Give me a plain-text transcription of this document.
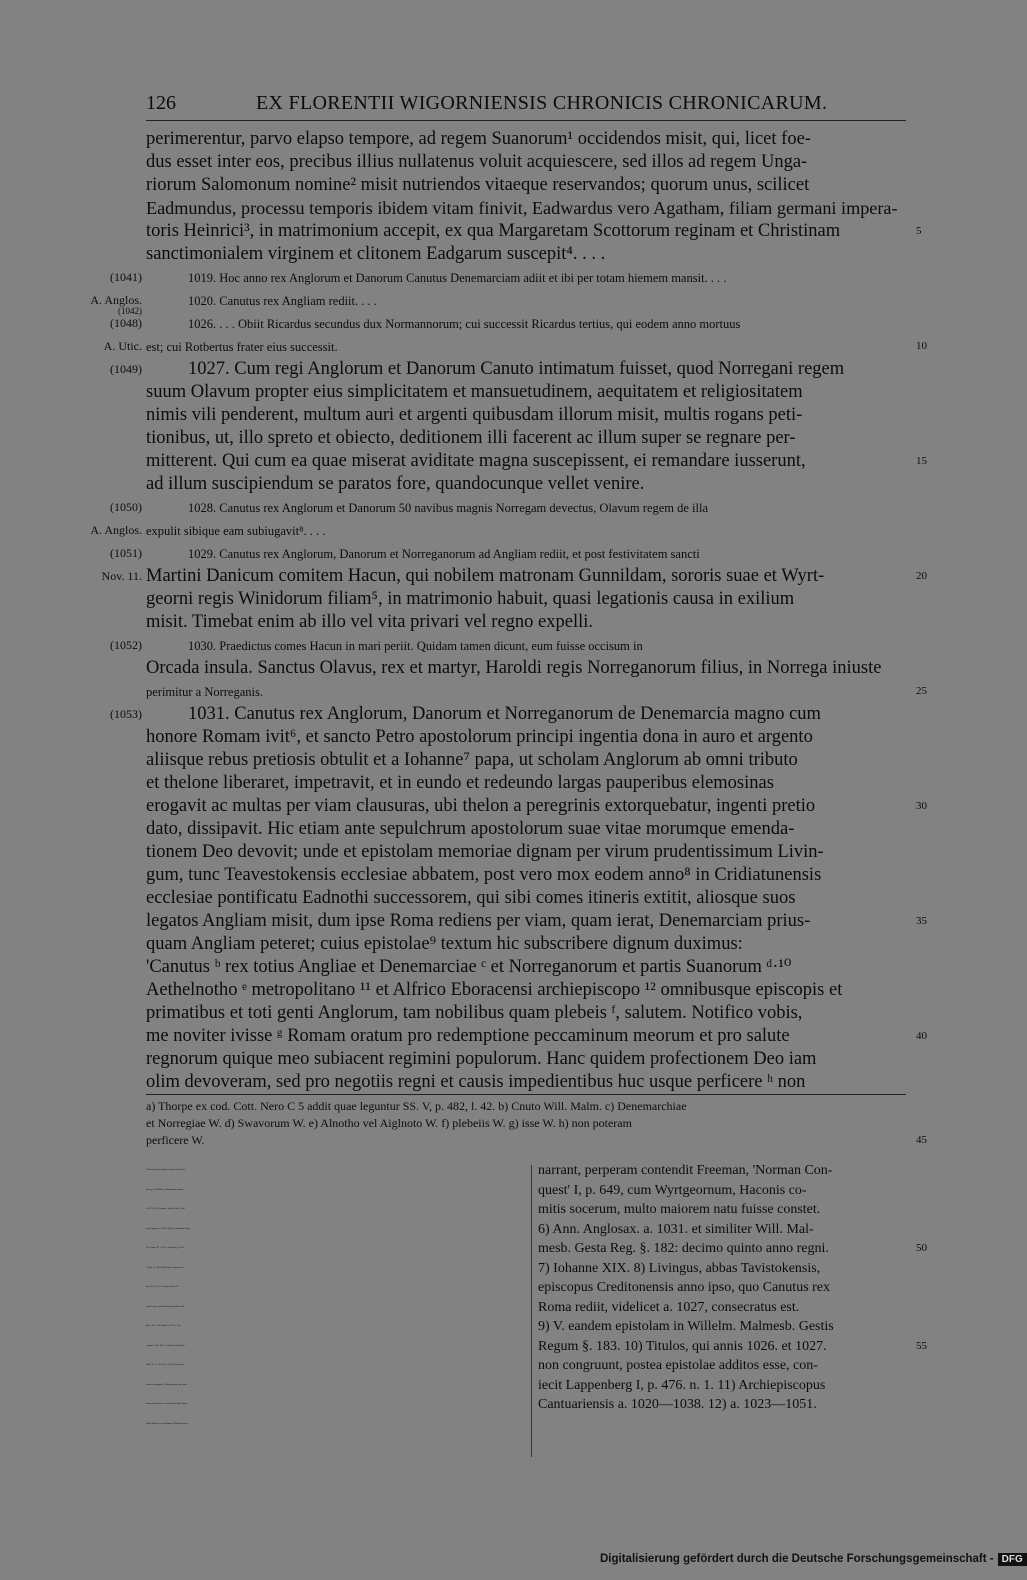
126	EX FLORENTII WIGORNIENSIS CHRONICIS CHRONICARUM.
perimerentur, parvo elapso tempore, ad regem Suanorum¹ occidendos misit, qui, licet foe-
dus esset inter eos, precibus illius nullatenus voluit acquiescere, sed illos ad regem Unga-
riorum Salomonum nomine² misit nutriendos vitaeque reservandos; quorum unus, scilicet
Eadmundus, processu temporis ibidem vitam finivit, Eadwardus vero Agatham, filiam germani impera-
toris Heinrici³, in matrimonium accepit, ex qua Margaretam Scottorum reginam et Christinam	5
sanctimonialem virginem et clitonem Eadgarum suscepit⁴. . . .
1019. Hoc anno rex Anglorum et Danorum Canutus Denemarciam adiit et ibi per totam hiemem mansit. . . .
(1041)
1020. Canutus rex Angliam rediit. . . .
A. Anglos.
(1042)
1026. . . . Obiit Ricardus secundus dux Normannorum; cui successit Ricardus tertius, qui eodem anno mortuus
(1048)
est; cui Rotbertus frater eius successit.
A. Utic.	10
1027. Cum regi Anglorum et Danorum Canuto intimatum fuisset, quod Norregani regem
(1049)
suum Olavum propter eius simplicitatem et mansuetudinem, aequitatem et religiositatem
nimis vili penderent, multum auri et argenti quibusdam illorum misit, multis rogans peti-
tionibus, ut, illo spreto et obiecto, deditionem illi facerent ac illum super se regnare per-
mitterent. Qui cum ea quae miserat aviditate magna suscepissent, ei remandare iusserunt,	15
ad illum suscipiendum se paratos fore, quandocunque vellet venire.
1028. Canutus rex Anglorum et Danorum 50 navibus magnis Norregam devectus, Olavum regem de illa
(1050)
expulit sibique eam subiugavit⁸. . . .
A. Anglos.
1029. Canutus rex Anglorum, Danorum et Norreganorum ad Angliam rediit, et post festivitatem sancti
(1051)
Martini Danicum comitem Hacun, qui nobilem matronam Gunnildam, sororis suae et Wyrt-
Nov. 11.	20
georni regis Winidorum filiam⁵, in matrimonio habuit, quasi legationis causa in exilium
misit. Timebat enim ab illo vel vita privari vel regno expelli.
1030. Praedictus comes Hacun in mari periit. Quidam tamen dicunt, eum fuisse occisum in
(1052)
Orcada insula. Sanctus Olavus, rex et martyr, Haroldi regis Norreganorum filius, in Norrega iniuste
perimitur a Norreganis.	25
1031. Canutus rex Anglorum, Danorum et Norreganorum de Denemarcia magno cum
(1053)
honore Romam ivit⁶, et sancto Petro apostolorum principi ingentia dona in auro et argento
aliisque rebus pretiosis obtulit et a Iohanne⁷ papa, ut scholam Anglorum ab omni tributo
et thelone liberaret, impetravit, et in eundo et redeundo largas pauperibus elemosinas
erogavit ac multas per viam clausuras, ubi thelon a peregrinis extorquebatur, ingenti pretio	30
dato, dissipavit. Hic etiam ante sepulchrum apostolorum suae vitae morumque emenda-
tionem Deo devovit; unde et epistolam memoriae dignam per virum prudentissimum Livin-
gum, tunc Teavestokensis ecclesiae abbatem, post vero mox eodem anno⁸ in Cridiatunensis
ecclesiae pontificatu Eadnothi successorem, qui sibi comes itineris extitit, aliosque suos
legatos Angliam misit, dum ipse Roma rediens per viam, quam ierat, Denemarciam prius-	35
quam Angliam peteret; cuius epistolae⁹ textum hic subscribere dignum duximus:
'Canutus ᵇ rex totius Angliae et Denemarciae ᶜ et Norreganorum et partis Suanorum ᵈ·¹⁰
Aethelnotho ᵉ metropolitano ¹¹ et Alfrico Eboracensi archiepiscopo ¹² omnibusque episcopis et
primatibus et toti genti Anglorum, tam nobilibus quam plebeis ᶠ, salutem. Notifico vobis,
me noviter ivisse ᵍ Romam oratum pro redemptione peccaminum meorum et pro salute	40
regnorum quique meo subiacent regimini populorum. Hanc quidem profectionem Deo iam
olim devoveram, sed pro negotiis regni et causis impedientibus huc usque perficere ʰ non
a) Thorpe ex cod. Cott. Nero C 5 addit quae leguntur SS. V, p. 482, l. 42. b) Cnuto Will. Malm. c) Denemarchiae
et Norregiae W. d) Swavorum W. e) Alnotho vel Aiglnoto W. f) plebeiis W. g) isse W. h) non poteram
perficere W.	45
1) Olavum, postea sanctum, fratrem uterinum Ka-
nuti regis. 2) Minime, sed Stephanum sanctum,
a. 997 - 1038. 3) Brunonis, fratris Henrici II, epi-
scopi Augustani, a. 1006—1029, ut suspicabatur Suhm,
'H. af Danm.' III, p. 726; v. Lappenberg, 'Gesch.
v. Engl.' I, p. 463. 464; Freeman, 'Norman Con-
quest' I, p. 455. 4) V. eadem verba in Flo-
rentii Geneal. regum West-Saxonum, Mon. Hist.
Brit. p. 642. et ed. Thorpe I, p. 275; cf. Ann.
Anglosax. 1057. 1067. et Adami Gesta Hammab.
Pontif. II, c. 51, SS. VII, p. 324: filii eius in Ruz-
ziam exilio dampnati. 5) Wyrtgeornum regem Wini-
dorum eundem fuisse ac Gotescalcum illum, Utonis
filium Abodriti, de quo Adamus et Helmoldus multa
narrant, perperam contendit Freeman, 'Norman Con-
quest' I, p. 649, cum Wyrtgeornum, Haconis co-
mitis socerum, multo maiorem natu fuisse constet.
6) Ann. Anglosax. a. 1031. et similiter Will. Mal-
mesb. Gesta Reg. §. 182: decimo quinto anno regni.	50
7) Iohanne XIX. 8) Livingus, abbas Tavistokensis,
episcopus Creditonensis anno ipso, quo Canutus rex
Roma rediit, videlicet a. 1027, consecratus est.
9) V. eandem epistolam in Willelm. Malmesb. Gestis
Regum §. 183. 10) Titulos, qui annis 1026. et 1027.	55
non congruunt, postea epistolae additos esse, con-
iecit Lappenberg I, p. 476. n. 1. 11) Archiepiscopus
Cantuariensis a. 1020—1038. 12) a. 1023—1051.
Digitalisierung gefördert durch die Deutsche Forschungsgemeinschaft - DFG
